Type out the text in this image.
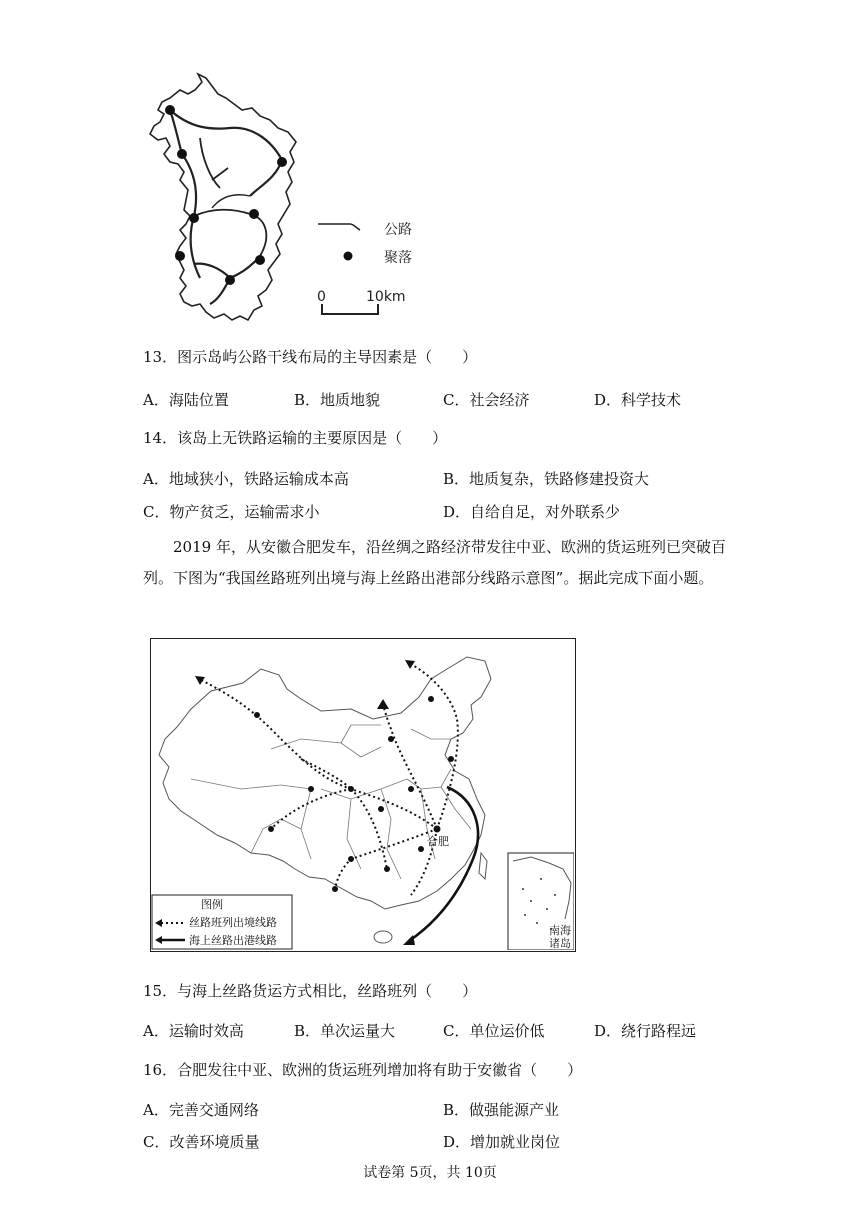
公路
聚落
0	10km
13．图示岛屿公路干线布局的主导因素是（　　）
A．海陆位置	B．地质地貌	C．社会经济	D．科学技术
14．该岛上无铁路运输的主要原因是（　　）
A．地域狭小，铁路运输成本高	B．地质复杂，铁路修建投资大
C．物产贫乏，运输需求小	D．自给自足，对外联系少
2019 年，从安徽合肥发车，沿丝绸之路经济带发往中亚、欧洲的货运班列已突破百列。下图为“我国丝路班列出境与海上丝路出港部分线路示意图”。据此完成下面小题。
合肥
图例
丝路班列出境线路
海上丝路出港线路
南海
诸岛
15．与海上丝路货运方式相比，丝路班列（　　）
A．运输时效高	B．单次运量大	C．单位运价低	D．绕行路程远
16．合肥发往中亚、欧洲的货运班列增加将有助于安徽省（　　）
A．完善交通网络	B．做强能源产业
C．改善环境质量	D．增加就业岗位
试卷第 5页，共 10页
